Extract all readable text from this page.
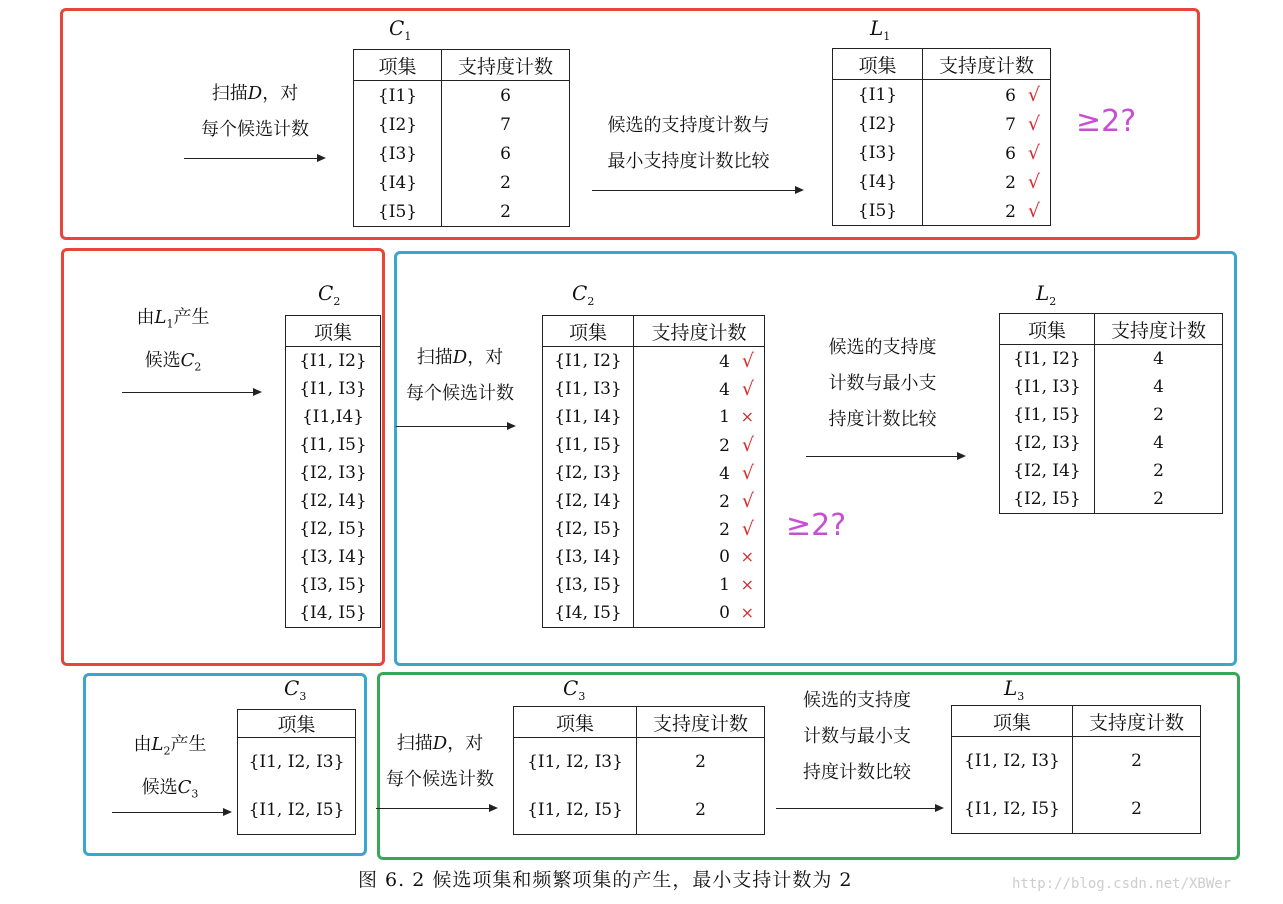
扫描D，对
每个候选计数
$C_1$
项集	支持度计数
{I1}	6
{I2}	7
{I3}	6
{I4}	2
{I5}	2
候选的支持度计数与
最小支持度计数比较
$L_1$
项集	支持度计数
{I1}	6 √
{I2}	7 √
{I3}	6 √
{I4}	2 √
{I5}	2 √
≥2?
由$L_1$产生
候选$C_2$
$C_2$
项集
{I1, I2}
{I1, I3}
{I1,I4}
{I1, I5}
{I2, I3}
{I2, I4}
{I2, I5}
{I3, I4}
{I3, I5}
{I4, I5}
扫描D，对
每个候选计数
$C_2$
项集	支持度计数
{I1, I2}	4 √
{I1, I3}	4 √
{I1, I4}	1 ×
{I1, I5}	2 √
{I2, I3}	4 √
{I2, I4}	2 √
{I2, I5}	2 √
{I3, I4}	0 ×
{I3, I5}	1 ×
{I4, I5}	0 ×
≥2?
候选的支持度
计数与最小支
持度计数比较
$L_2$
项集	支持度计数
{I1, I2}	4
{I1, I3}	4
{I1, I5}	2
{I2, I3}	4
{I2, I4}	2
{I2, I5}	2
由$L_2$产生
候选$C_3$
$C_3$
项集
{I1, I2, I3}
{I1, I2, I5}
扫描D，对
每个候选计数
$C_3$
项集	支持度计数
{I1, I2, I3}	2
{I1, I2, I5}	2
候选的支持度
计数与最小支
持度计数比较
$L_3$
项集	支持度计数
{I1, I2, I3}	2
{I1, I2, I5}	2
图 6. 2 候选项集和频繁项集的产生，最小支持计数为 2	http://blog.csdn.net/XBWer
